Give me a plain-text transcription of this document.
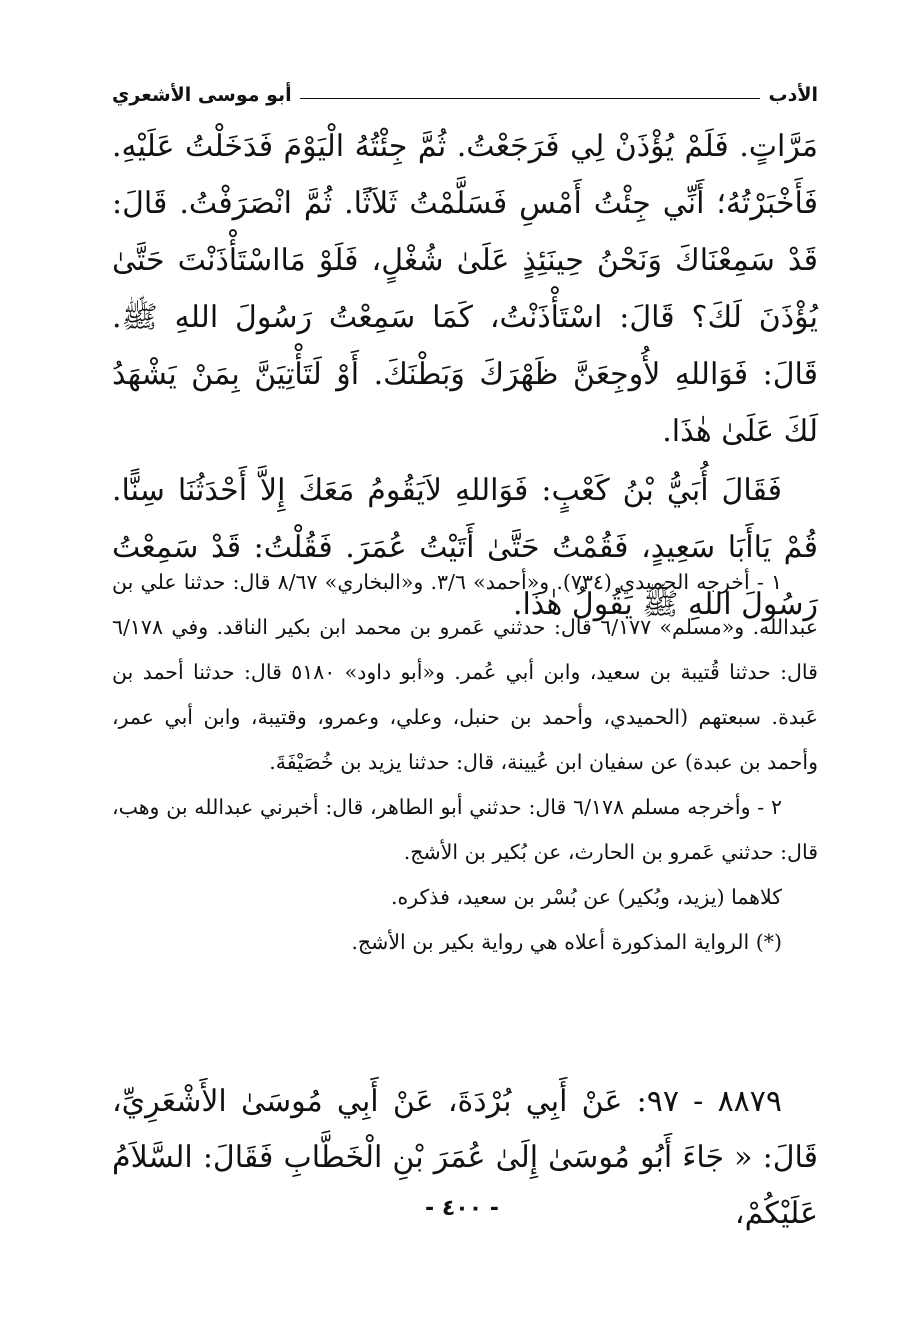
الأدب
أبو موسى الأشعري

مَرَّاتٍ. فَلَمْ يُؤْذَنْ لِي فَرَجَعْتُ. ثُمَّ جِئْتُهُ الْيَوْمَ فَدَخَلْتُ عَلَيْهِ. فَأَخْبَرْتُهُ؛ أَنِّي جِئْتُ أَمْسِ فَسَلَّمْتُ ثَلاَثًا. ثُمَّ انْصَرَفْتُ. قَالَ: قَدْ سَمِعْنَاكَ وَنَحْنُ حِينَئِذٍ عَلَىٰ شُغْلٍ، فَلَوْ مَااسْتَأْذَنْتَ حَتَّىٰ يُؤْذَنَ لَكَ؟ قَالَ: اسْتَأْذَنْتُ، كَمَا سَمِعْتُ رَسُولَ اللهِ ﷺ. قَالَ: فَوَاللهِ لأُوجِعَنَّ ظَهْرَكَ وَبَطْنَكَ. أَوْ لَتَأْتِيَنَّ بِمَنْ يَشْهَدُ لَكَ عَلَىٰ هٰذَا.

فَقَالَ أُبَيُّ بْنُ كَعْبٍ: فَوَاللهِ لاَيَقُومُ مَعَكَ إِلاَّ أَحْدَثُنَا سِنًّا. قُمْ يَاأَبَا سَعِيدٍ، فَقُمْتُ حَتَّىٰ أَتَيْتُ عُمَرَ. فَقُلْتُ: قَدْ سَمِعْتُ رَسُولَ اللهِ ﷺ يَقُولُ هٰذَا.

١ - أخرجه الحميدي (٧٣٤). و«أحمد» ٣/٦. و«البخاري» ٨/٦٧ قال: حدثنا علي بن عبدالله. و«مسلم» ٦/١٧٧ قال: حدثني عَمرو بن محمد ابن بكير الناقد. وفي ٦/١٧٨ قال: حدثنا قُتيبة بن سعيد، وابن أبي عُمر. و«أبو داود» ٥١٨٠ قال: حدثنا أحمد بن عَبدة. سبعتهم (الحميدي، وأحمد بن حنبل، وعلي، وعمرو، وقتيبة، وابن أبي عمر، وأحمد بن عبدة) عن سفيان ابن عُيينة، قال: حدثنا يزيد بن خُصَيْفَةَ.

٢ - وأخرجه مسلم ٦/١٧٨ قال: حدثني أبو الطاهر، قال: أخبرني عبدالله بن وهب، قال: حدثني عَمرو بن الحارث، عن بُكير بن الأشج.

كلاهما (يزيد، وبُكير) عن بُسْر بن سعيد، فذكره.

(*) الرواية المذكورة أعلاه هي رواية بكير بن الأشج.

٨٨٧٩ - ٩٧: عَنْ أَبِي بُرْدَةَ، عَنْ أَبِي مُوسَىٰ الأَشْعَرِيِّ، قَالَ: « جَاءَ أَبُو مُوسَىٰ إِلَىٰ عُمَرَ بْنِ الْخَطَّابِ فَقَالَ: السَّلاَمُ عَلَيْكُمْ،

- ٤٠٠ -
